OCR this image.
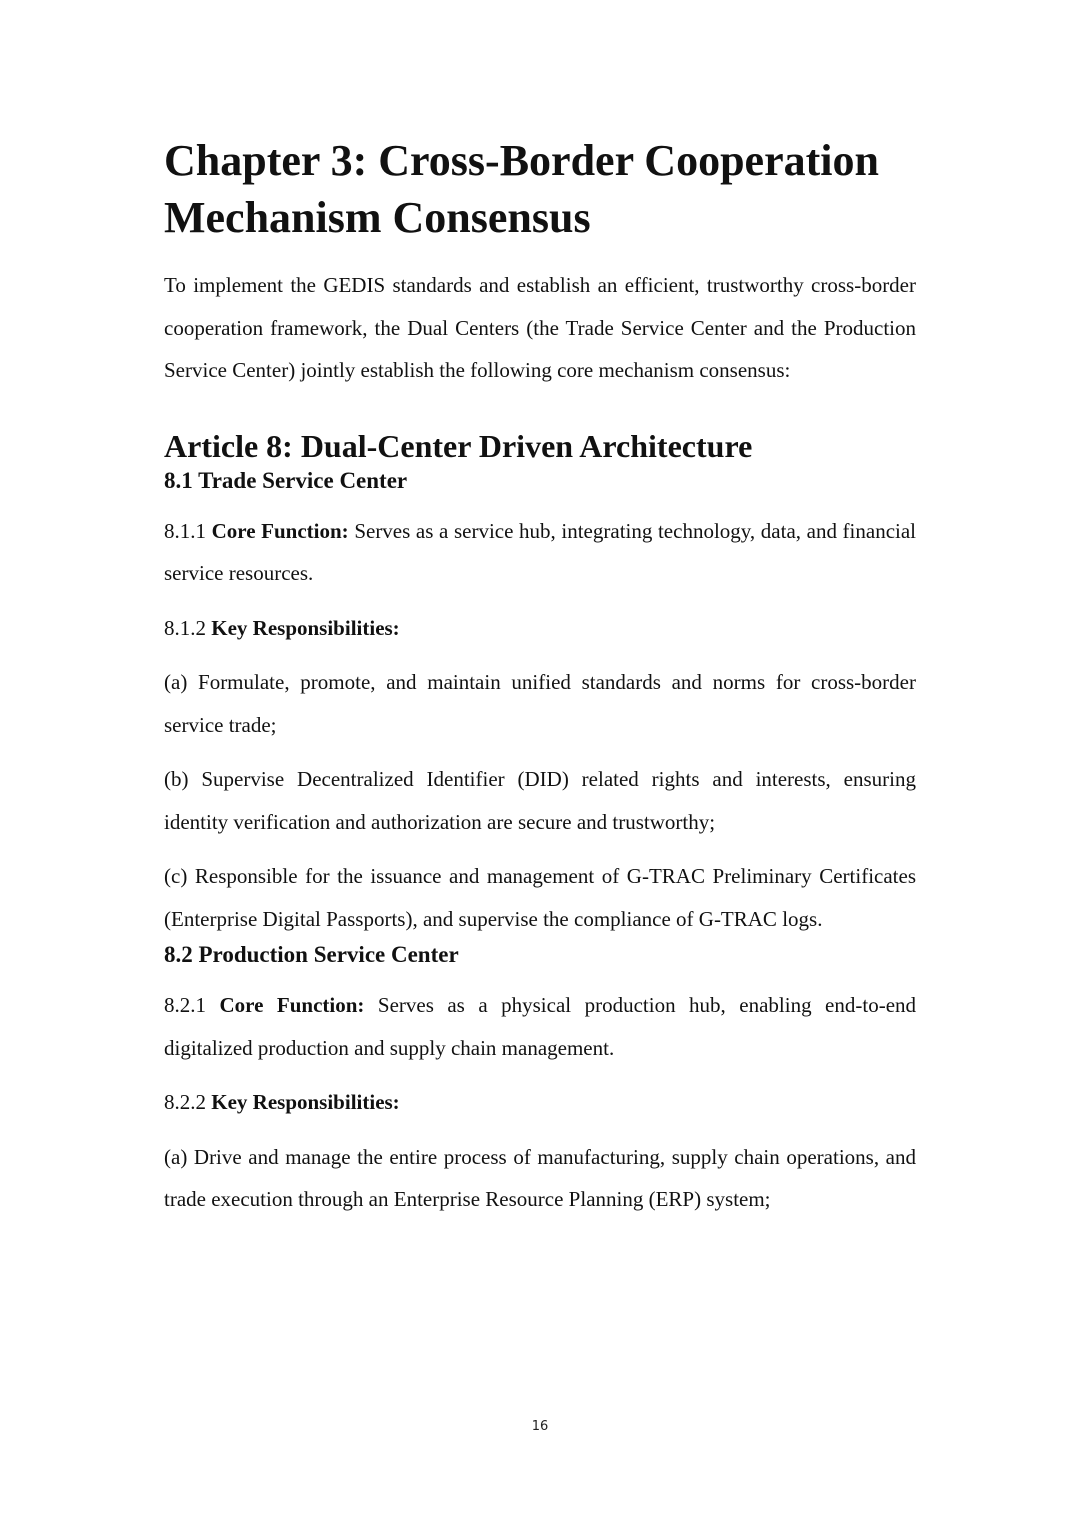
Chapter 3: Cross-Border Cooperation
Mechanism Consensus

To implement the GEDIS standards and establish an efficient, trustworthy cross-border cooperation framework, the Dual Centers (the Trade Service Center and the Production Service Center) jointly establish the following core mechanism consensus:

Article 8: Dual-Center Driven Architecture
8.1 Trade Service Center

8.1.1 Core Function: Serves as a service hub, integrating technology, data, and financial service resources.

8.1.2 Key Responsibilities:

(a) Formulate, promote, and maintain unified standards and norms for cross-border service trade;

(b) Supervise Decentralized Identifier (DID) related rights and interests, ensuring identity verification and authorization are secure and trustworthy;

(c) Responsible for the issuance and management of G-TRAC Preliminary Certificates (Enterprise Digital Passports), and supervise the compliance of G-TRAC logs.

8.2 Production Service Center

8.2.1 Core Function: Serves as a physical production hub, enabling end-to-end digitalized production and supply chain management.

8.2.2 Key Responsibilities:

(a) Drive and manage the entire process of manufacturing, supply chain operations, and trade execution through an Enterprise Resource Planning (ERP) system;

16
